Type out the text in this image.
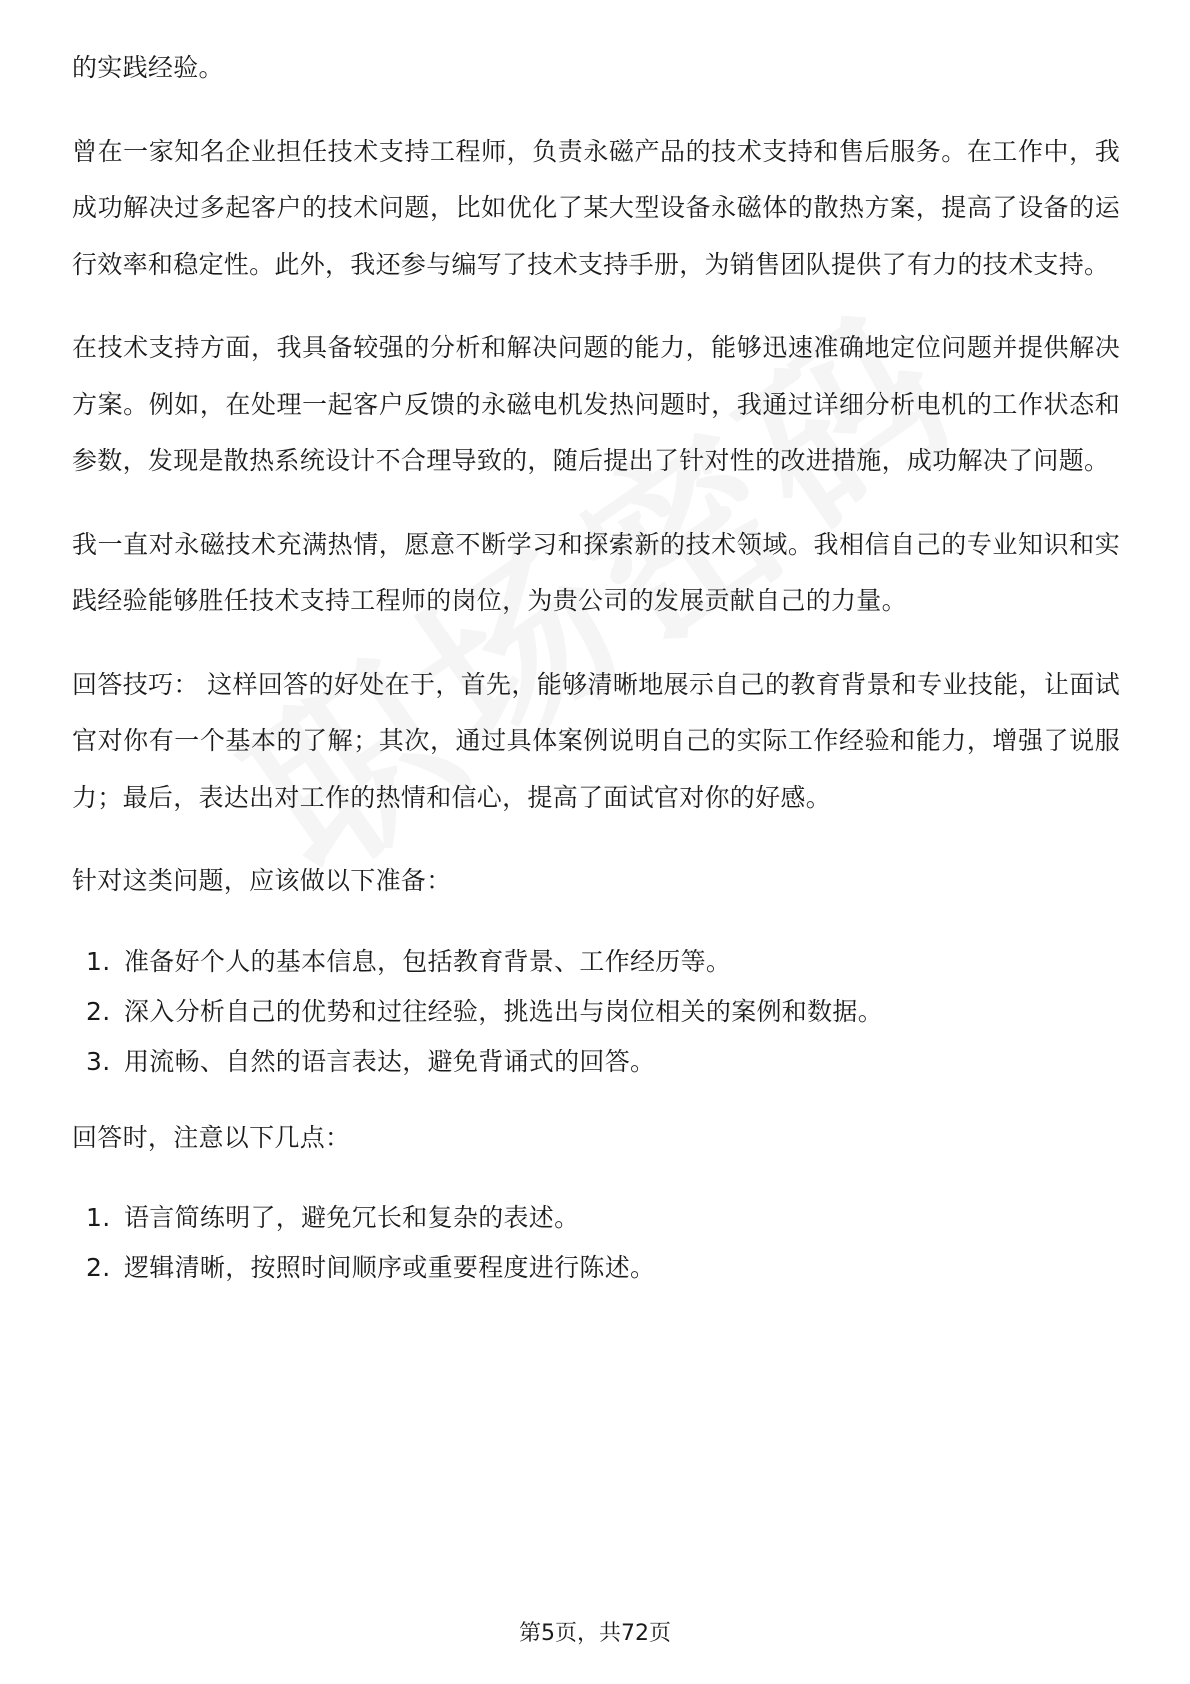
的实践经验。

曾在一家知名企业担任技术支持工程师，负责永磁产品的技术支持和售后服务。在工作中，我成功解决过多起客户的技术问题，比如优化了某大型设备永磁体的散热方案，提高了设备的运行效率和稳定性。此外，我还参与编写了技术支持手册，为销售团队提供了有力的技术支持。

在技术支持方面，我具备较强的分析和解决问题的能力，能够迅速准确地定位问题并提供解决方案。例如，在处理一起客户反馈的永磁电机发热问题时，我通过详细分析电机的工作状态和参数，发现是散热系统设计不合理导致的，随后提出了针对性的改进措施，成功解决了问题。

我一直对永磁技术充满热情，愿意不断学习和探索新的技术领域。我相信自己的专业知识和实践经验能够胜任技术支持工程师的岗位，为贵公司的发展贡献自己的力量。

回答技巧： 这样回答的好处在于，首先，能够清晰地展示自己的教育背景和专业技能，让面试官对你有一个基本的了解；其次，通过具体案例说明自己的实际工作经验和能力，增强了说服力；最后，表达出对工作的热情和信心，提高了面试官对你的好感。

针对这类问题，应该做以下准备：

1. 准备好个人的基本信息，包括教育背景、工作经历等。
2. 深入分析自己的优势和过往经验，挑选出与岗位相关的案例和数据。
3. 用流畅、自然的语言表达，避免背诵式的回答。

回答时，注意以下几点：

1. 语言简练明了，避免冗长和复杂的表述。
2. 逻辑清晰，按照时间顺序或重要程度进行陈述。
第5页，共72页
